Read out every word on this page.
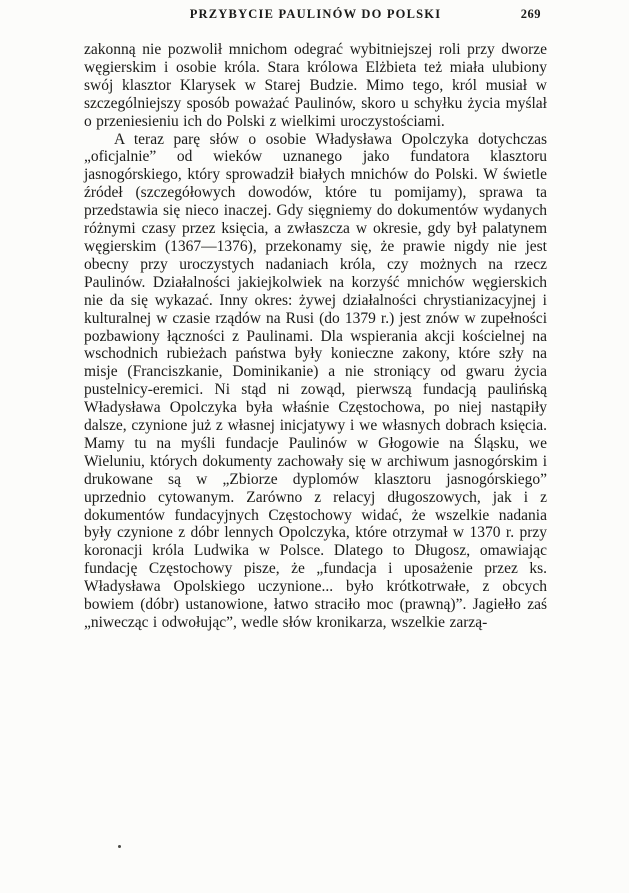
PRZYBYCIE PAULINÓW DO POLSKI	269

zakonną nie pozwolił mnichom odegrać wybitniejszej roli przy dworze węgierskim i osobie króla. Stara królowa Elżbieta też miała ulubiony swój klasztor Klarysek w Starej Budzie. Mimo tego, król musiał w szczególniejszy sposób poważać Paulinów, skoro u schyłku życia myślał o przeniesieniu ich do Polski z wielkimi uroczystościami.

A teraz parę słów o osobie Władysława Opolczyka dotychczas „oficjalnie” od wieków uznanego jako fundatora klasztoru jasnogórskiego, który sprowadził białych mnichów do Polski. W świetle źródeł (szczegółowych dowodów, które tu pomijamy), sprawa ta przedstawia się nieco inaczej. Gdy sięgniemy do dokumentów wydanych różnymi czasy przez księcia, a zwłaszcza w okresie, gdy był palatynem węgierskim (1367—1376), przekonamy się, że prawie nigdy nie jest obecny przy uroczystych nadaniach króla, czy możnych na rzecz Paulinów. Działalności jakiejkolwiek na korzyść mnichów węgierskich nie da się wykazać. Inny okres: żywej działalności chrystianizacyjnej i kulturalnej w czasie rządów na Rusi (do 1379 r.) jest znów w zupełności pozbawiony łączności z Paulinami. Dla wspierania akcji kościelnej na wschodnich rubieżach państwa były konieczne zakony, które szły na misje (Franciszkanie, Dominikanie) a nie stroniący od gwaru życia pustelnicy-eremici. Ni stąd ni zowąd, pierwszą fundacją paulińską Władysława Opolczyka była właśnie Częstochowa, po niej nastąpiły dalsze, czynione już z własnej inicjatywy i we własnych dobrach księcia. Mamy tu na myśli fundacje Paulinów w Głogowie na Śląsku, we Wieluniu, których dokumenty zachowały się w archiwum jasnogórskim i drukowane są w „Zbiorze dyplomów klasztoru jasnogórskiego” uprzednio cytowanym. Zarówno z relacyj długoszowych, jak i z dokumentów fundacyjnych Częstochowy widać, że wszelkie nadania były czynione z dóbr lennych Opolczyka, które otrzymał w 1370 r. przy koronacji króla Ludwika w Polsce. Dlatego to Długosz, omawiając fundację Częstochowy pisze, że „fundacja i uposażenie przez ks. Władysława Opolskiego uczynione... było krótkotrwałe, z obcych bowiem (dóbr) ustanowione, łatwo straciło moc (prawną)”. Jagiełło zaś „niwecząc i odwołując”, wedle słów kronikarza, wszelkie zarzą-
